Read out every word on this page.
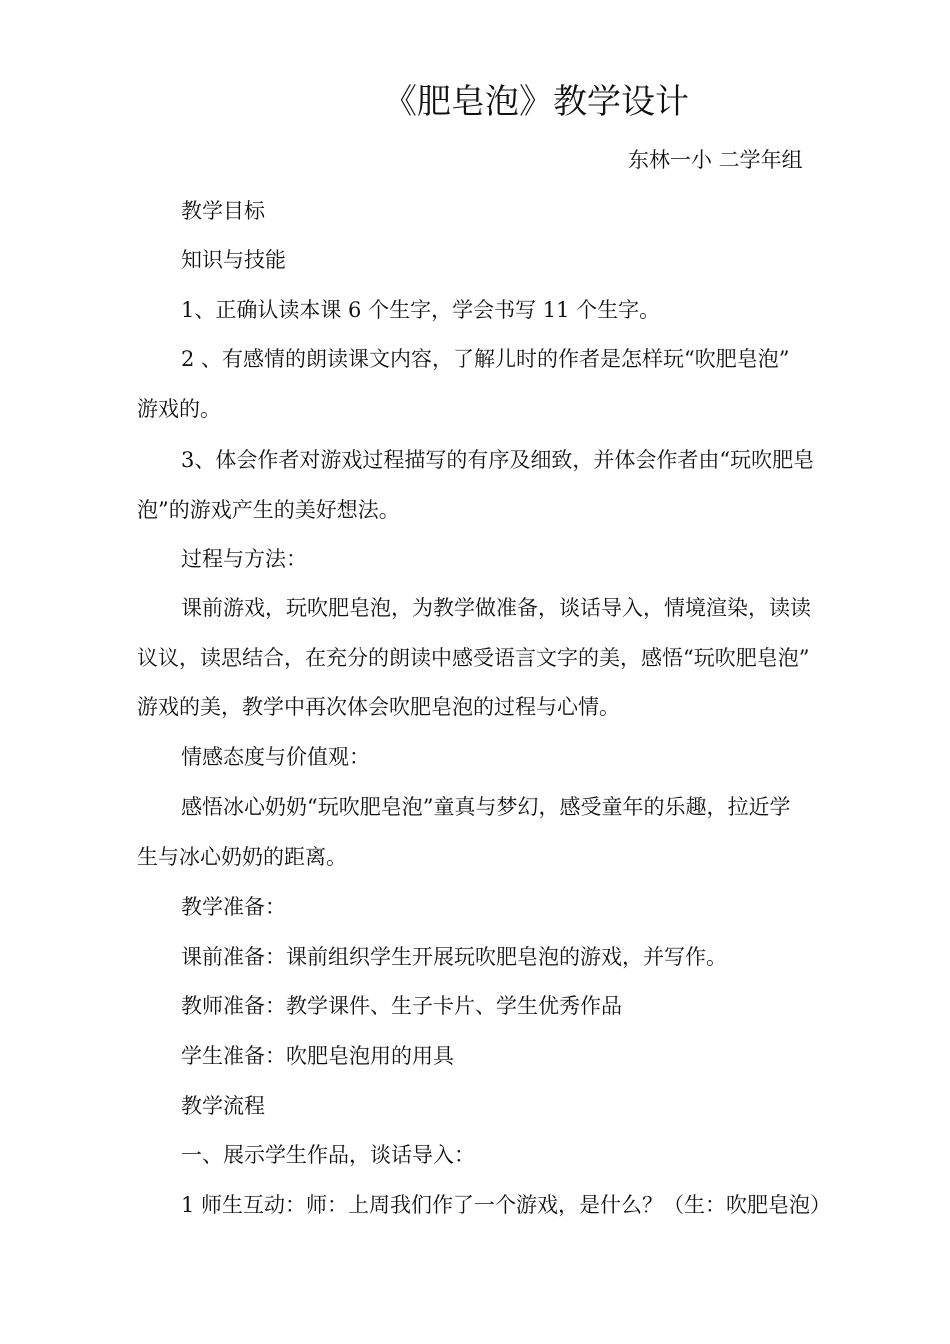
《肥皂泡》教学设计
东林一小 二学年组
教学目标
知识与技能
1、正确认读本课 6 个生字，学会书写 11 个生字。
2 、有感情的朗读课文内容，了解儿时的作者是怎样玩“吹肥皂泡”
游戏的。
3、体会作者对游戏过程描写的有序及细致，并体会作者由“玩吹肥皂
泡”的游戏产生的美好想法。
过程与方法：
课前游戏，玩吹肥皂泡，为教学做准备，谈话导入，情境渲染，读读
议议，读思结合，在充分的朗读中感受语言文字的美，感悟“玩吹肥皂泡”
游戏的美，教学中再次体会吹肥皂泡的过程与心情。
情感态度与价值观：
感悟冰心奶奶“玩吹肥皂泡”童真与梦幻，感受童年的乐趣，拉近学
生与冰心奶奶的距离。
教学准备：
课前准备：课前组织学生开展玩吹肥皂泡的游戏，并写作。
教师准备：教学课件、生子卡片、学生优秀作品
学生准备：吹肥皂泡用的用具
教学流程
一、展示学生作品，谈话导入：
1 师生互动：师：上周我们作了一个游戏，是什么？（生：吹肥皂泡）
